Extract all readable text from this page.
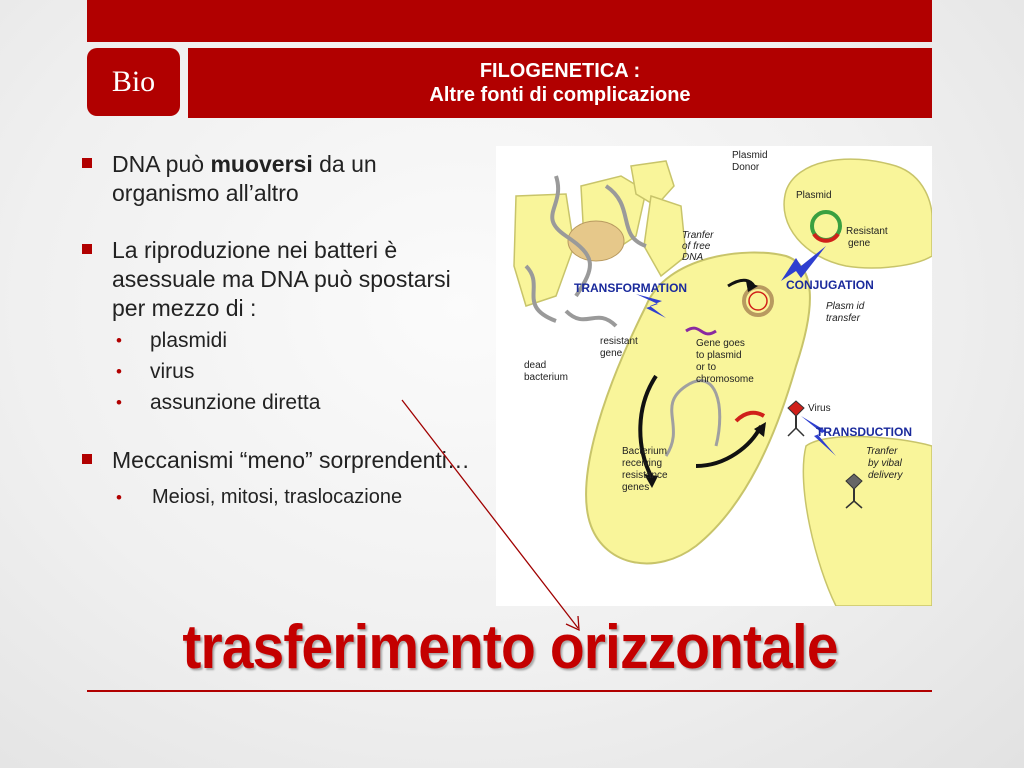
Bio	FILOGENETICA :
Altre fonti di complicazione
DNA può muoversi da un organismo all’altro
La riproduzione nei batteri è asessuale ma DNA può spostarsi per mezzo di :
• plasmidi
• virus
• assunzione diretta
Meccanismi “meno” sorprendenti…
• Meiosi, mitosi, traslocazione
Plasmid Donor
Plasmid
Resistant gene
Tranfer of free DNA
TRANSFORMATION	CONJUGATION
Plasm id transfer
resistant gene
Gene goes to plasmid or to chromosome
dead bacterium
Virus
TRANSDUCTION
Tranfer by vibal delivery
Bacterium receiving resistance genes
trasferimento orizzontale
